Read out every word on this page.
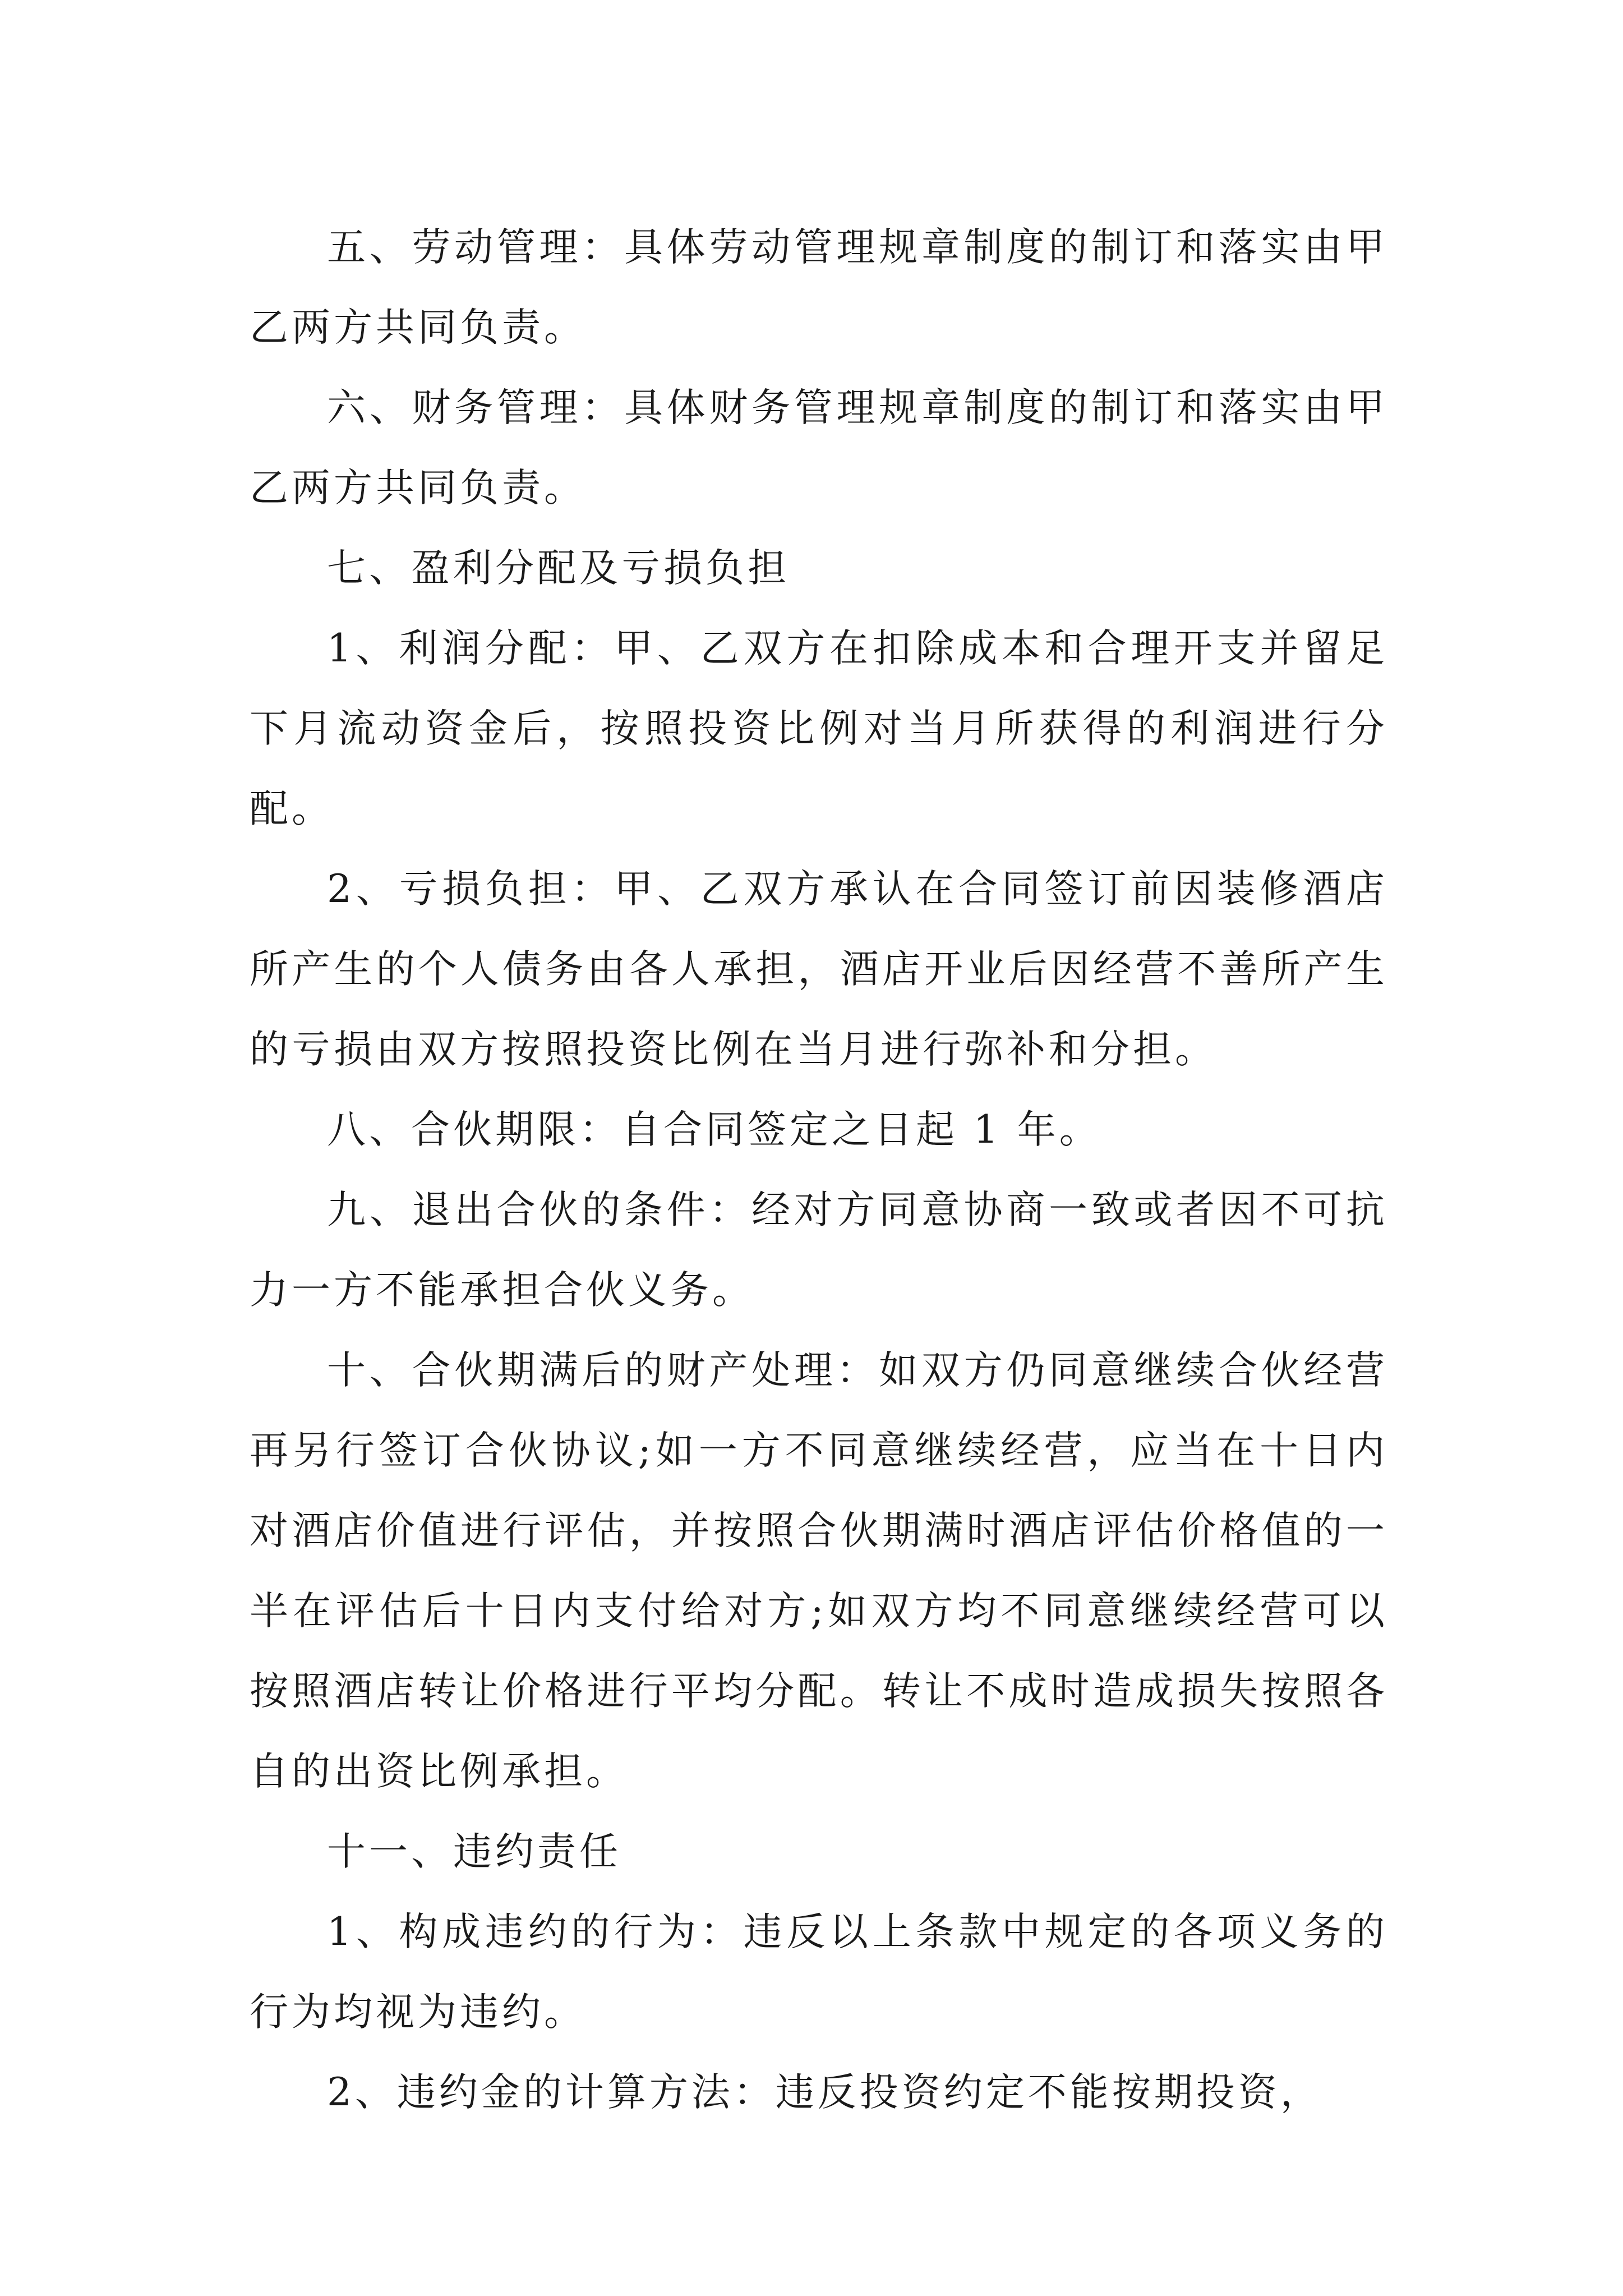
五、劳动管理：具体劳动管理规章制度的制订和落实由甲乙两方共同负责。

六、财务管理：具体财务管理规章制度的制订和落实由甲乙两方共同负责。

七、盈利分配及亏损负担

1、利润分配：甲、乙双方在扣除成本和合理开支并留足下月流动资金后，按照投资比例对当月所获得的利润进行分配。

2、亏损负担：甲、乙双方承认在合同签订前因装修酒店所产生的个人债务由各人承担，酒店开业后因经营不善所产生的亏损由双方按照投资比例在当月进行弥补和分担。

八、合伙期限：自合同签定之日起 1 年。

九、退出合伙的条件：经对方同意协商一致或者因不可抗力一方不能承担合伙义务。

十、合伙期满后的财产处理：如双方仍同意继续合伙经营再另行签订合伙协议;如一方不同意继续经营，应当在十日内对酒店价值进行评估，并按照合伙期满时酒店评估价格值的一半在评估后十日内支付给对方;如双方均不同意继续经营可以按照酒店转让价格进行平均分配。转让不成时造成损失按照各自的出资比例承担。

十一、违约责任

1、构成违约的行为：违反以上条款中规定的各项义务的行为均视为违约。

2、违约金的计算方法：违反投资约定不能按期投资，
